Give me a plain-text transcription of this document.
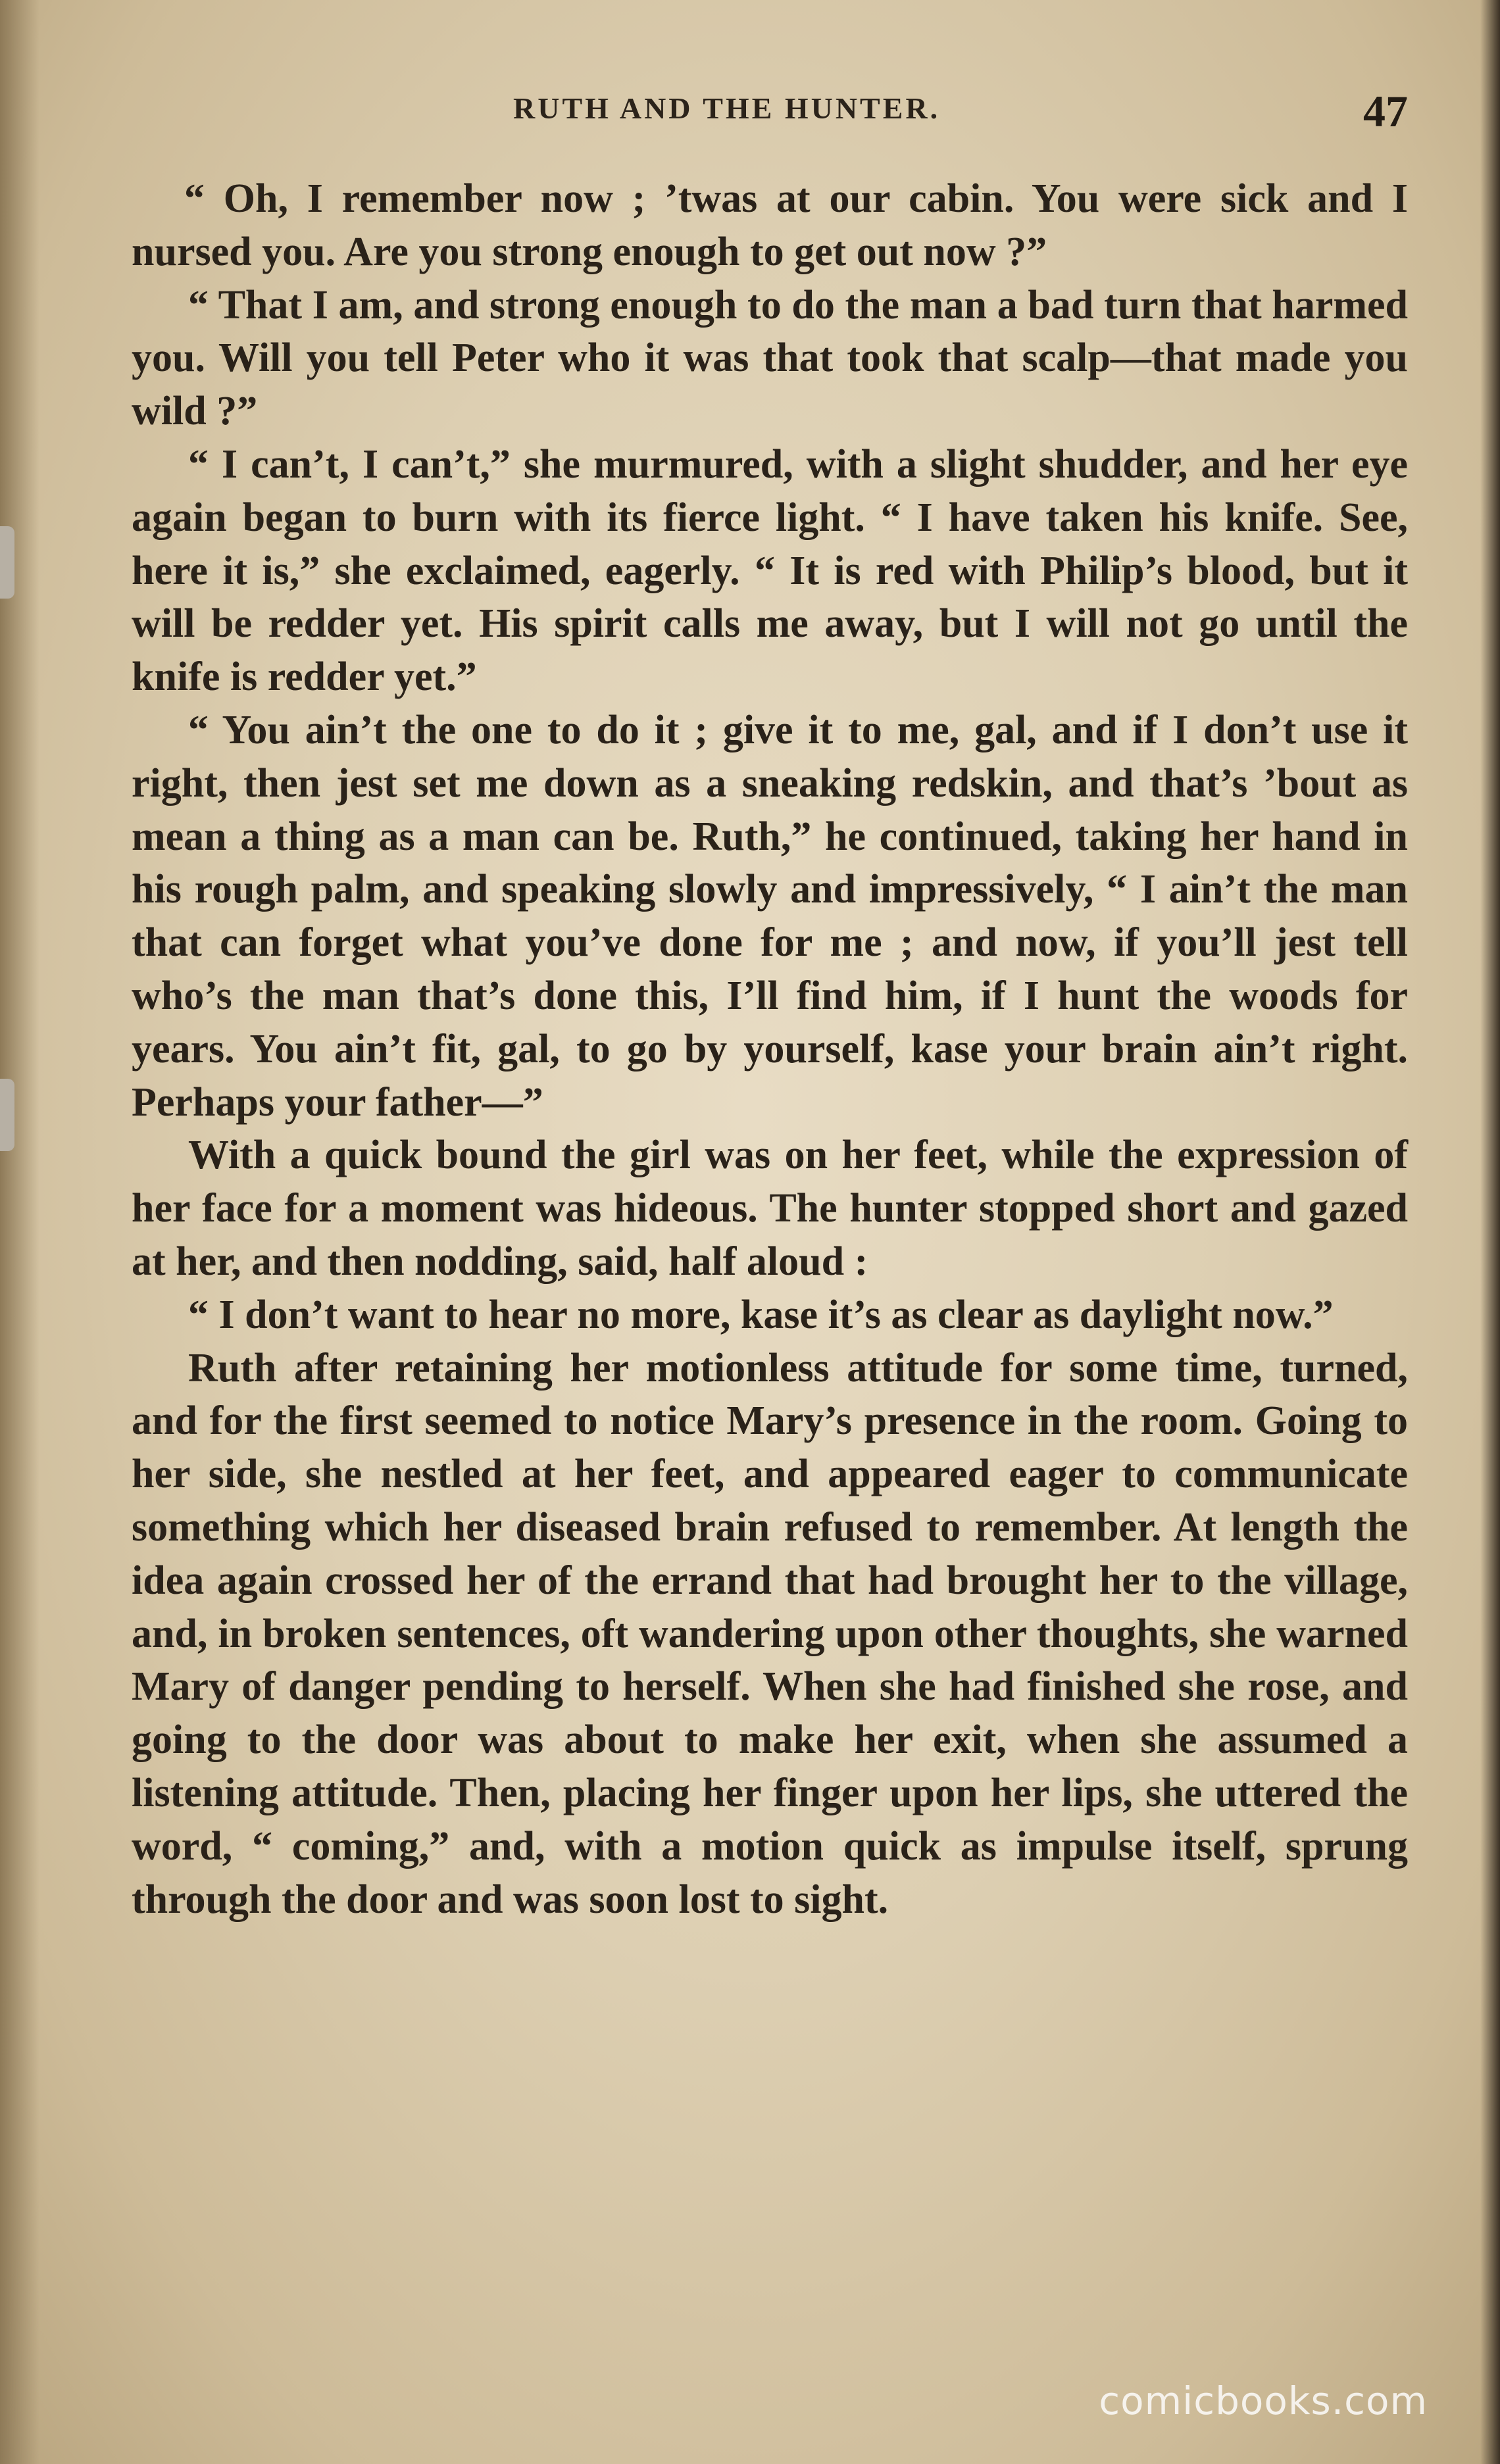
RUTH AND THE HUNTER.	47

“ Oh, I remember now ; ’twas at our cabin. You were sick and I nursed you. Are you strong enough to get out now ?”

“ That I am, and strong enough to do the man a bad turn that harmed you. Will you tell Peter who it was that took that scalp—that made you wild ?”

“ I can’t, I can’t,” she murmured, with a slight shudder, and her eye again began to burn with its fierce light. “ I have taken his knife. See, here it is,” she exclaimed, eagerly. “ It is red with Philip’s blood, but it will be redder yet. His spirit calls me away, but I will not go until the knife is redder yet.”

“ You ain’t the one to do it ; give it to me, gal, and if I don’t use it right, then jest set me down as a sneaking redskin, and that’s ’bout as mean a thing as a man can be. Ruth,” he continued, taking her hand in his rough palm, and speaking slowly and impressively, “ I ain’t the man that can forget what you’ve done for me ; and now, if you’ll jest tell who’s the man that’s done this, I’ll find him, if I hunt the woods for years. You ain’t fit, gal, to go by yourself, kase your brain ain’t right. Perhaps your father—”

With a quick bound the girl was on her feet, while the expression of her face for a moment was hideous. The hunter stopped short and gazed at her, and then nodding, said, half aloud :

“ I don’t want to hear no more, kase it’s as clear as daylight now.”

Ruth after retaining her motionless attitude for some time, turned, and for the first seemed to notice Mary’s presence in the room. Going to her side, she nestled at her feet, and appeared eager to communicate something which her diseased brain refused to remember. At length the idea again crossed her of the errand that had brought her to the village, and, in broken sentences, oft wandering upon other thoughts, she warned Mary of danger pending to herself. When she had finished she rose, and going to the door was about to make her exit, when she assumed a listening attitude. Then, placing her finger upon her lips, she uttered the word, “ coming,” and, with a motion quick as impulse itself, sprung through the door and was soon lost to sight.

comicbooks.com
